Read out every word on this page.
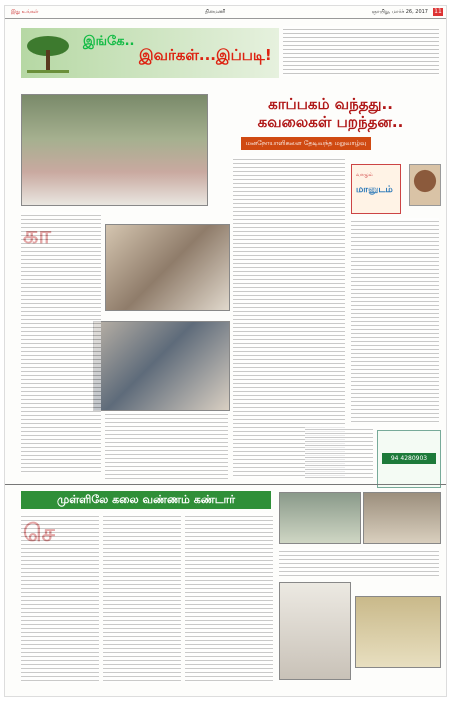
இது உங்கள்	தினமணி	ஞாயிறு, மார்ச் 26, 2017 11
இங்கே..
இவர்கள்...இப்படி!
காப்பகம் வந்தது..
கவலைகள் பறந்தன..
மனநோயாளிகளை தேடிவந்த மறுவாழ்வு
வாழும்
மானுடம்
94 4280903
முள்ளிலே கலை வண்ணம் கண்டார்
